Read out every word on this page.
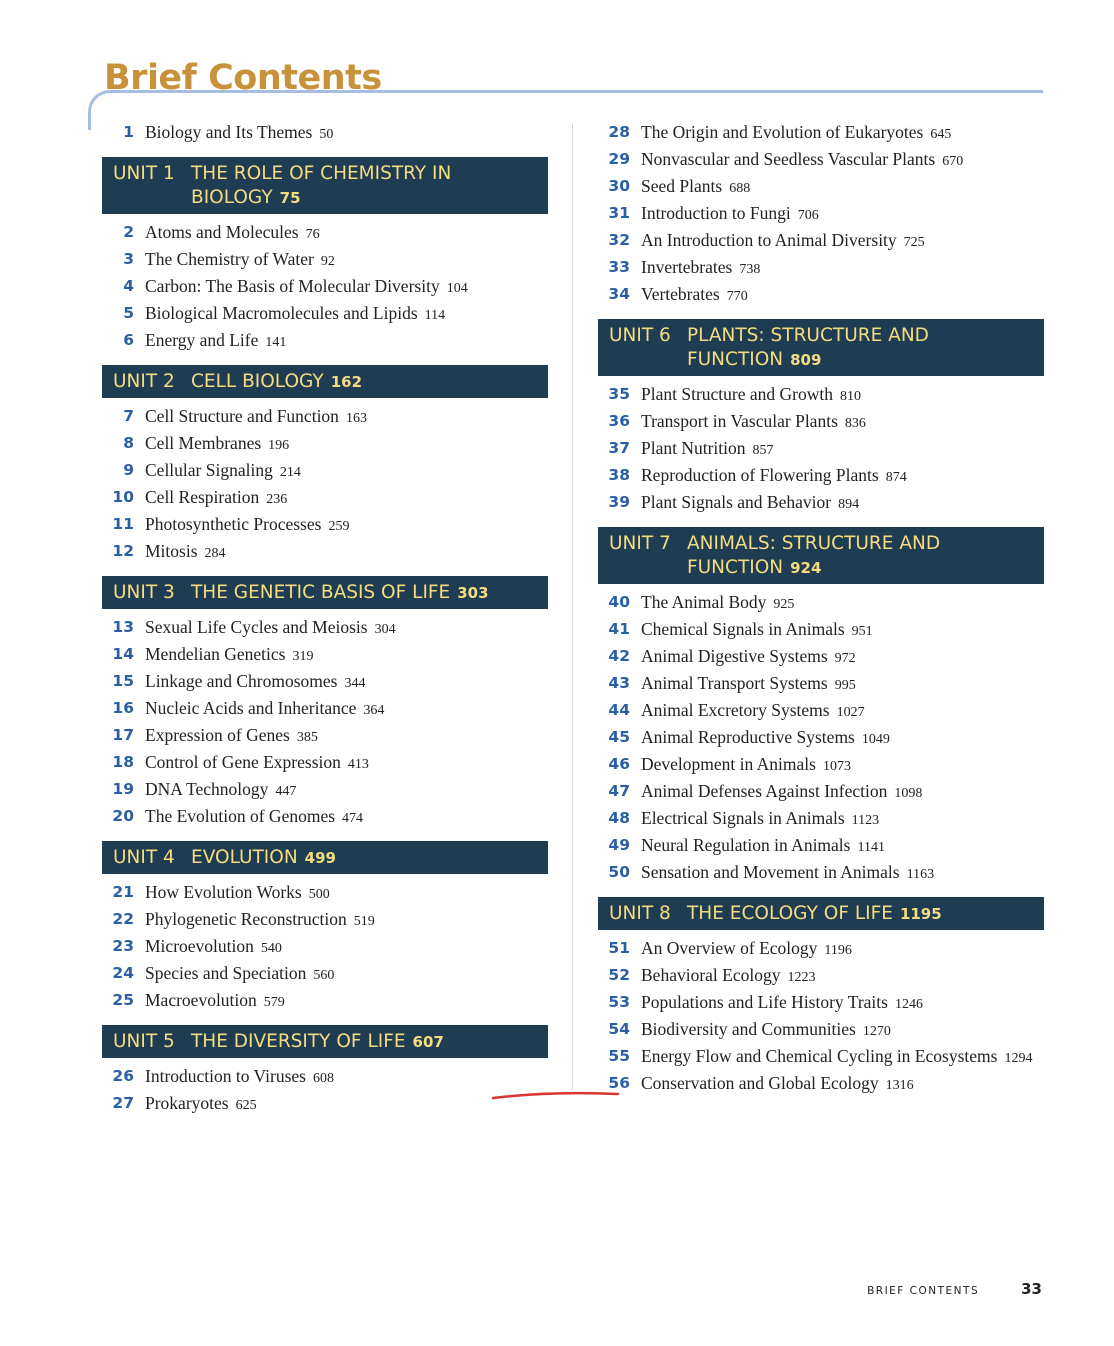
Brief Contents
1 Biology and Its Themes 50
UNIT 1 THE ROLE OF CHEMISTRY IN BIOLOGY 75
2 Atoms and Molecules 76
3 The Chemistry of Water 92
4 Carbon: The Basis of Molecular Diversity 104
5 Biological Macromolecules and Lipids 114
6 Energy and Life 141
UNIT 2 CELL BIOLOGY 162
7 Cell Structure and Function 163
8 Cell Membranes 196
9 Cellular Signaling 214
10 Cell Respiration 236
11 Photosynthetic Processes 259
12 Mitosis 284
UNIT 3 THE GENETIC BASIS OF LIFE 303
13 Sexual Life Cycles and Meiosis 304
14 Mendelian Genetics 319
15 Linkage and Chromosomes 344
16 Nucleic Acids and Inheritance 364
17 Expression of Genes 385
18 Control of Gene Expression 413
19 DNA Technology 447
20 The Evolution of Genomes 474
UNIT 4 EVOLUTION 499
21 How Evolution Works 500
22 Phylogenetic Reconstruction 519
23 Microevolution 540
24 Species and Speciation 560
25 Macroevolution 579
UNIT 5 THE DIVERSITY OF LIFE 607
26 Introduction to Viruses 608
27 Prokaryotes 625
28 The Origin and Evolution of Eukaryotes 645
29 Nonvascular and Seedless Vascular Plants 670
30 Seed Plants 688
31 Introduction to Fungi 706
32 An Introduction to Animal Diversity 725
33 Invertebrates 738
34 Vertebrates 770
UNIT 6 PLANTS: STRUCTURE AND FUNCTION 809
35 Plant Structure and Growth 810
36 Transport in Vascular Plants 836
37 Plant Nutrition 857
38 Reproduction of Flowering Plants 874
39 Plant Signals and Behavior 894
UNIT 7 ANIMALS: STRUCTURE AND FUNCTION 924
40 The Animal Body 925
41 Chemical Signals in Animals 951
42 Animal Digestive Systems 972
43 Animal Transport Systems 995
44 Animal Excretory Systems 1027
45 Animal Reproductive Systems 1049
46 Development in Animals 1073
47 Animal Defenses Against Infection 1098
48 Electrical Signals in Animals 1123
49 Neural Regulation in Animals 1141
50 Sensation and Movement in Animals 1163
UNIT 8 THE ECOLOGY OF LIFE 1195
51 An Overview of Ecology 1196
52 Behavioral Ecology 1223
53 Populations and Life History Traits 1246
54 Biodiversity and Communities 1270
55 Energy Flow and Chemical Cycling in Ecosystems 1294
56 Conservation and Global Ecology 1316
BRIEF CONTENTS	33
